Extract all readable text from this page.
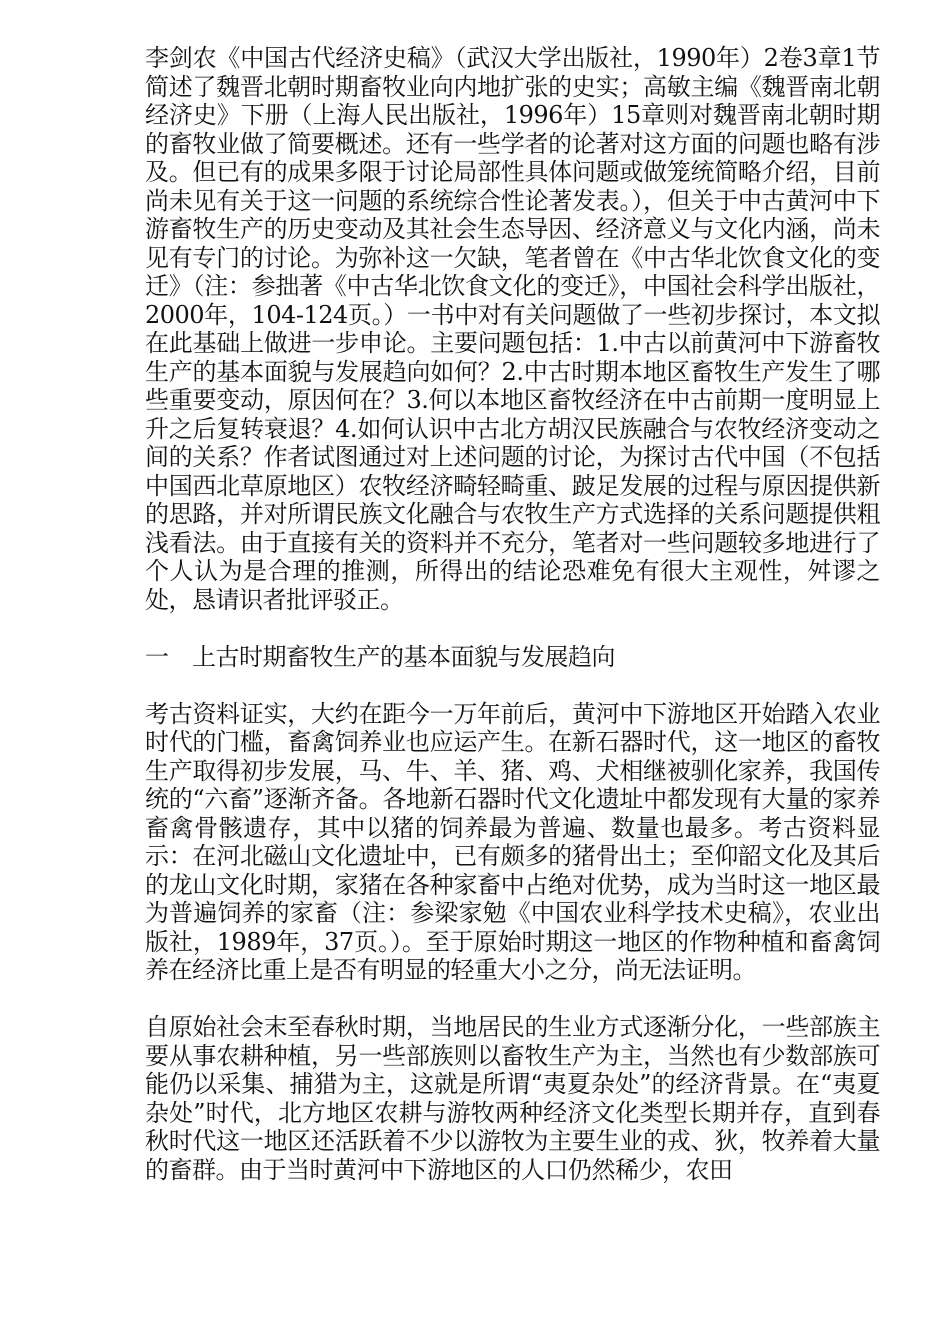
李剑农《中国古代经济史稿》（武汉大学出版社，1990年）2卷3章1节简述了魏晋北朝时期畜牧业向内地扩张的史实；高敏主编《魏晋南北朝经济史》下册（上海人民出版社，1996年）15章则对魏晋南北朝时期的畜牧业做了简要概述。还有一些学者的论著对这方面的问题也略有涉及。但已有的成果多限于讨论局部性具体问题或做笼统简略介绍，目前尚未见有关于这一问题的系统综合性论著发表。），但关于中古黄河中下游畜牧生产的历史变动及其社会生态导因、经济意义与文化内涵，尚未见有专门的讨论。为弥补这一欠缺，笔者曾在《中古华北饮食文化的变迁》（注：参拙著《中古华北饮食文化的变迁》，中国社会科学出版社，2000年，104-124页。）一书中对有关问题做了一些初步探讨，本文拟在此基础上做进一步申论。主要问题包括：1.中古以前黄河中下游畜牧生产的基本面貌与发展趋向如何？2.中古时期本地区畜牧生产发生了哪些重要变动，原因何在？3.何以本地区畜牧经济在中古前期一度明显上升之后复转衰退？4.如何认识中古北方胡汉民族融合与农牧经济变动之间的关系？作者试图通过对上述问题的讨论，为探讨古代中国（不包括中国西北草原地区）农牧经济畸轻畸重、跛足发展的过程与原因提供新的思路，并对所谓民族文化融合与农牧生产方式选择的关系问题提供粗浅看法。由于直接有关的资料并不充分，笔者对一些问题较多地进行了个人认为是合理的推测，所得出的结论恐难免有很大主观性，舛谬之处，恳请识者批评驳正。

一　上古时期畜牧生产的基本面貌与发展趋向

考古资料证实，大约在距今一万年前后，黄河中下游地区开始踏入农业时代的门槛，畜禽饲养业也应运产生。在新石器时代，这一地区的畜牧生产取得初步发展，马、牛、羊、猪、鸡、犬相继被驯化家养，我国传统的“六畜”逐渐齐备。各地新石器时代文化遗址中都发现有大量的家养畜禽骨骸遗存，其中以猪的饲养最为普遍、数量也最多。考古资料显示：在河北磁山文化遗址中，已有颇多的猪骨出土；至仰韶文化及其后的龙山文化时期，家猪在各种家畜中占绝对优势，成为当时这一地区最为普遍饲养的家畜（注：参梁家勉《中国农业科学技术史稿》，农业出版社，1989年，37页。）。至于原始时期这一地区的作物种植和畜禽饲养在经济比重上是否有明显的轻重大小之分，尚无法证明。

自原始社会末至春秋时期，当地居民的生业方式逐渐分化，一些部族主要从事农耕种植，另一些部族则以畜牧生产为主，当然也有少数部族可能仍以采集、捕猎为主，这就是所谓“夷夏杂处”的经济背景。在“夷夏杂处”时代，北方地区农耕与游牧两种经济文化类型长期并存，直到春秋时代这一地区还活跃着不少以游牧为主要生业的戎、狄，牧养着大量的畜群。由于当时黄河中下游地区的人口仍然稀少，农田
